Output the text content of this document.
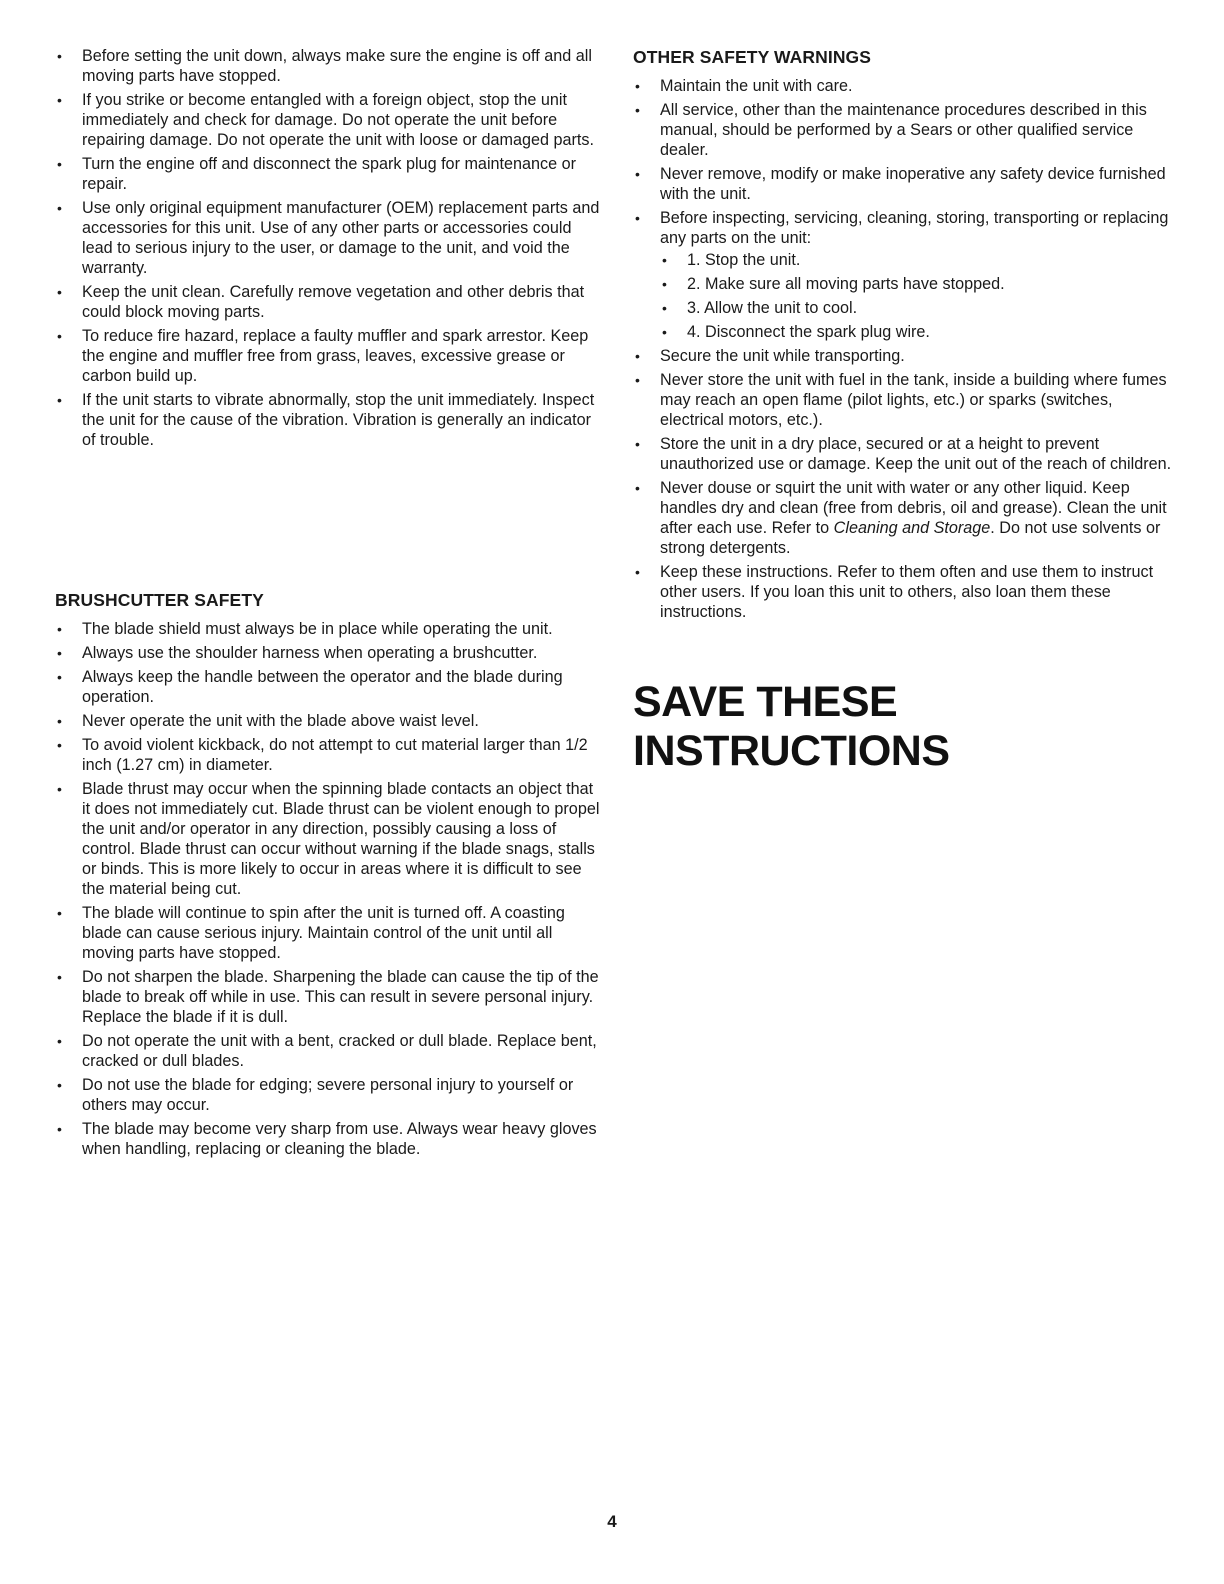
• Before setting the unit down, always make sure the engine is off and all moving parts have stopped.
• If you strike or become entangled with a foreign object, stop the unit immediately and check for damage. Do not operate the unit before repairing damage. Do not operate the unit with loose or damaged parts.
• Turn the engine off and disconnect the spark plug for maintenance or repair.
• Use only original equipment manufacturer (OEM) replacement parts and accessories for this unit. Use of any other parts or accessories could lead to serious injury to the user, or damage to the unit, and void the warranty.
• Keep the unit clean. Carefully remove vegetation and other debris that could block moving parts.
• To reduce fire hazard, replace a faulty muffler and spark arrestor. Keep the engine and muffler free from grass, leaves, excessive grease or carbon build up.
• If the unit starts to vibrate abnormally, stop the unit immediately. Inspect the unit for the cause of the vibration. Vibration is generally an indicator of trouble.
BRUSHCUTTER SAFETY
• The blade shield must always be in place while operating the unit.
• Always use the shoulder harness when operating a brushcutter.
• Always keep the handle between the operator and the blade during operation.
• Never operate the unit with the blade above waist level.
• To avoid violent kickback, do not attempt to cut material larger than 1/2 inch (1.27 cm) in diameter.
• Blade thrust may occur when the spinning blade contacts an object that it does not immediately cut. Blade thrust can be violent enough to propel the unit and/or operator in any direction, possibly causing a loss of control. Blade thrust can occur without warning if the blade snags, stalls or binds. This is more likely to occur in areas where it is difficult to see the material being cut.
• The blade will continue to spin after the unit is turned off. A coasting blade can cause serious injury. Maintain control of the unit until all moving parts have stopped.
• Do not sharpen the blade. Sharpening the blade can cause the tip of the blade to break off while in use. This can result in severe personal injury. Replace the blade if it is dull.
• Do not operate the unit with a bent, cracked or dull blade. Replace bent, cracked or dull blades.
• Do not use the blade for edging; severe personal injury to yourself or others may occur.
• The blade may become very sharp from use. Always wear heavy gloves when handling, replacing or cleaning the blade.
OTHER SAFETY WARNINGS
• Maintain the unit with care.
• All service, other than the maintenance procedures described in this manual, should be performed by a Sears or other qualified service dealer.
• Never remove, modify or make inoperative any safety device furnished with the unit.
• Before inspecting, servicing, cleaning, storing, transporting or replacing any parts on the unit:
• 1. Stop the unit.
• 2. Make sure all moving parts have stopped.
• 3. Allow the unit to cool.
• 4. Disconnect the spark plug wire.
• Secure the unit while transporting.
• Never store the unit with fuel in the tank, inside a building where fumes may reach an open flame (pilot lights, etc.) or sparks (switches, electrical motors, etc.).
• Store the unit in a dry place, secured or at a height to prevent unauthorized use or damage. Keep the unit out of the reach of children.
• Never douse or squirt the unit with water or any other liquid. Keep handles dry and clean (free from debris, oil and grease). Clean the unit after each use. Refer to Cleaning and Storage. Do not use solvents or strong detergents.
• Keep these instructions. Refer to them often and use them to instruct other users. If you loan this unit to others, also loan them these instructions.
SAVE THESE INSTRUCTIONS
4
